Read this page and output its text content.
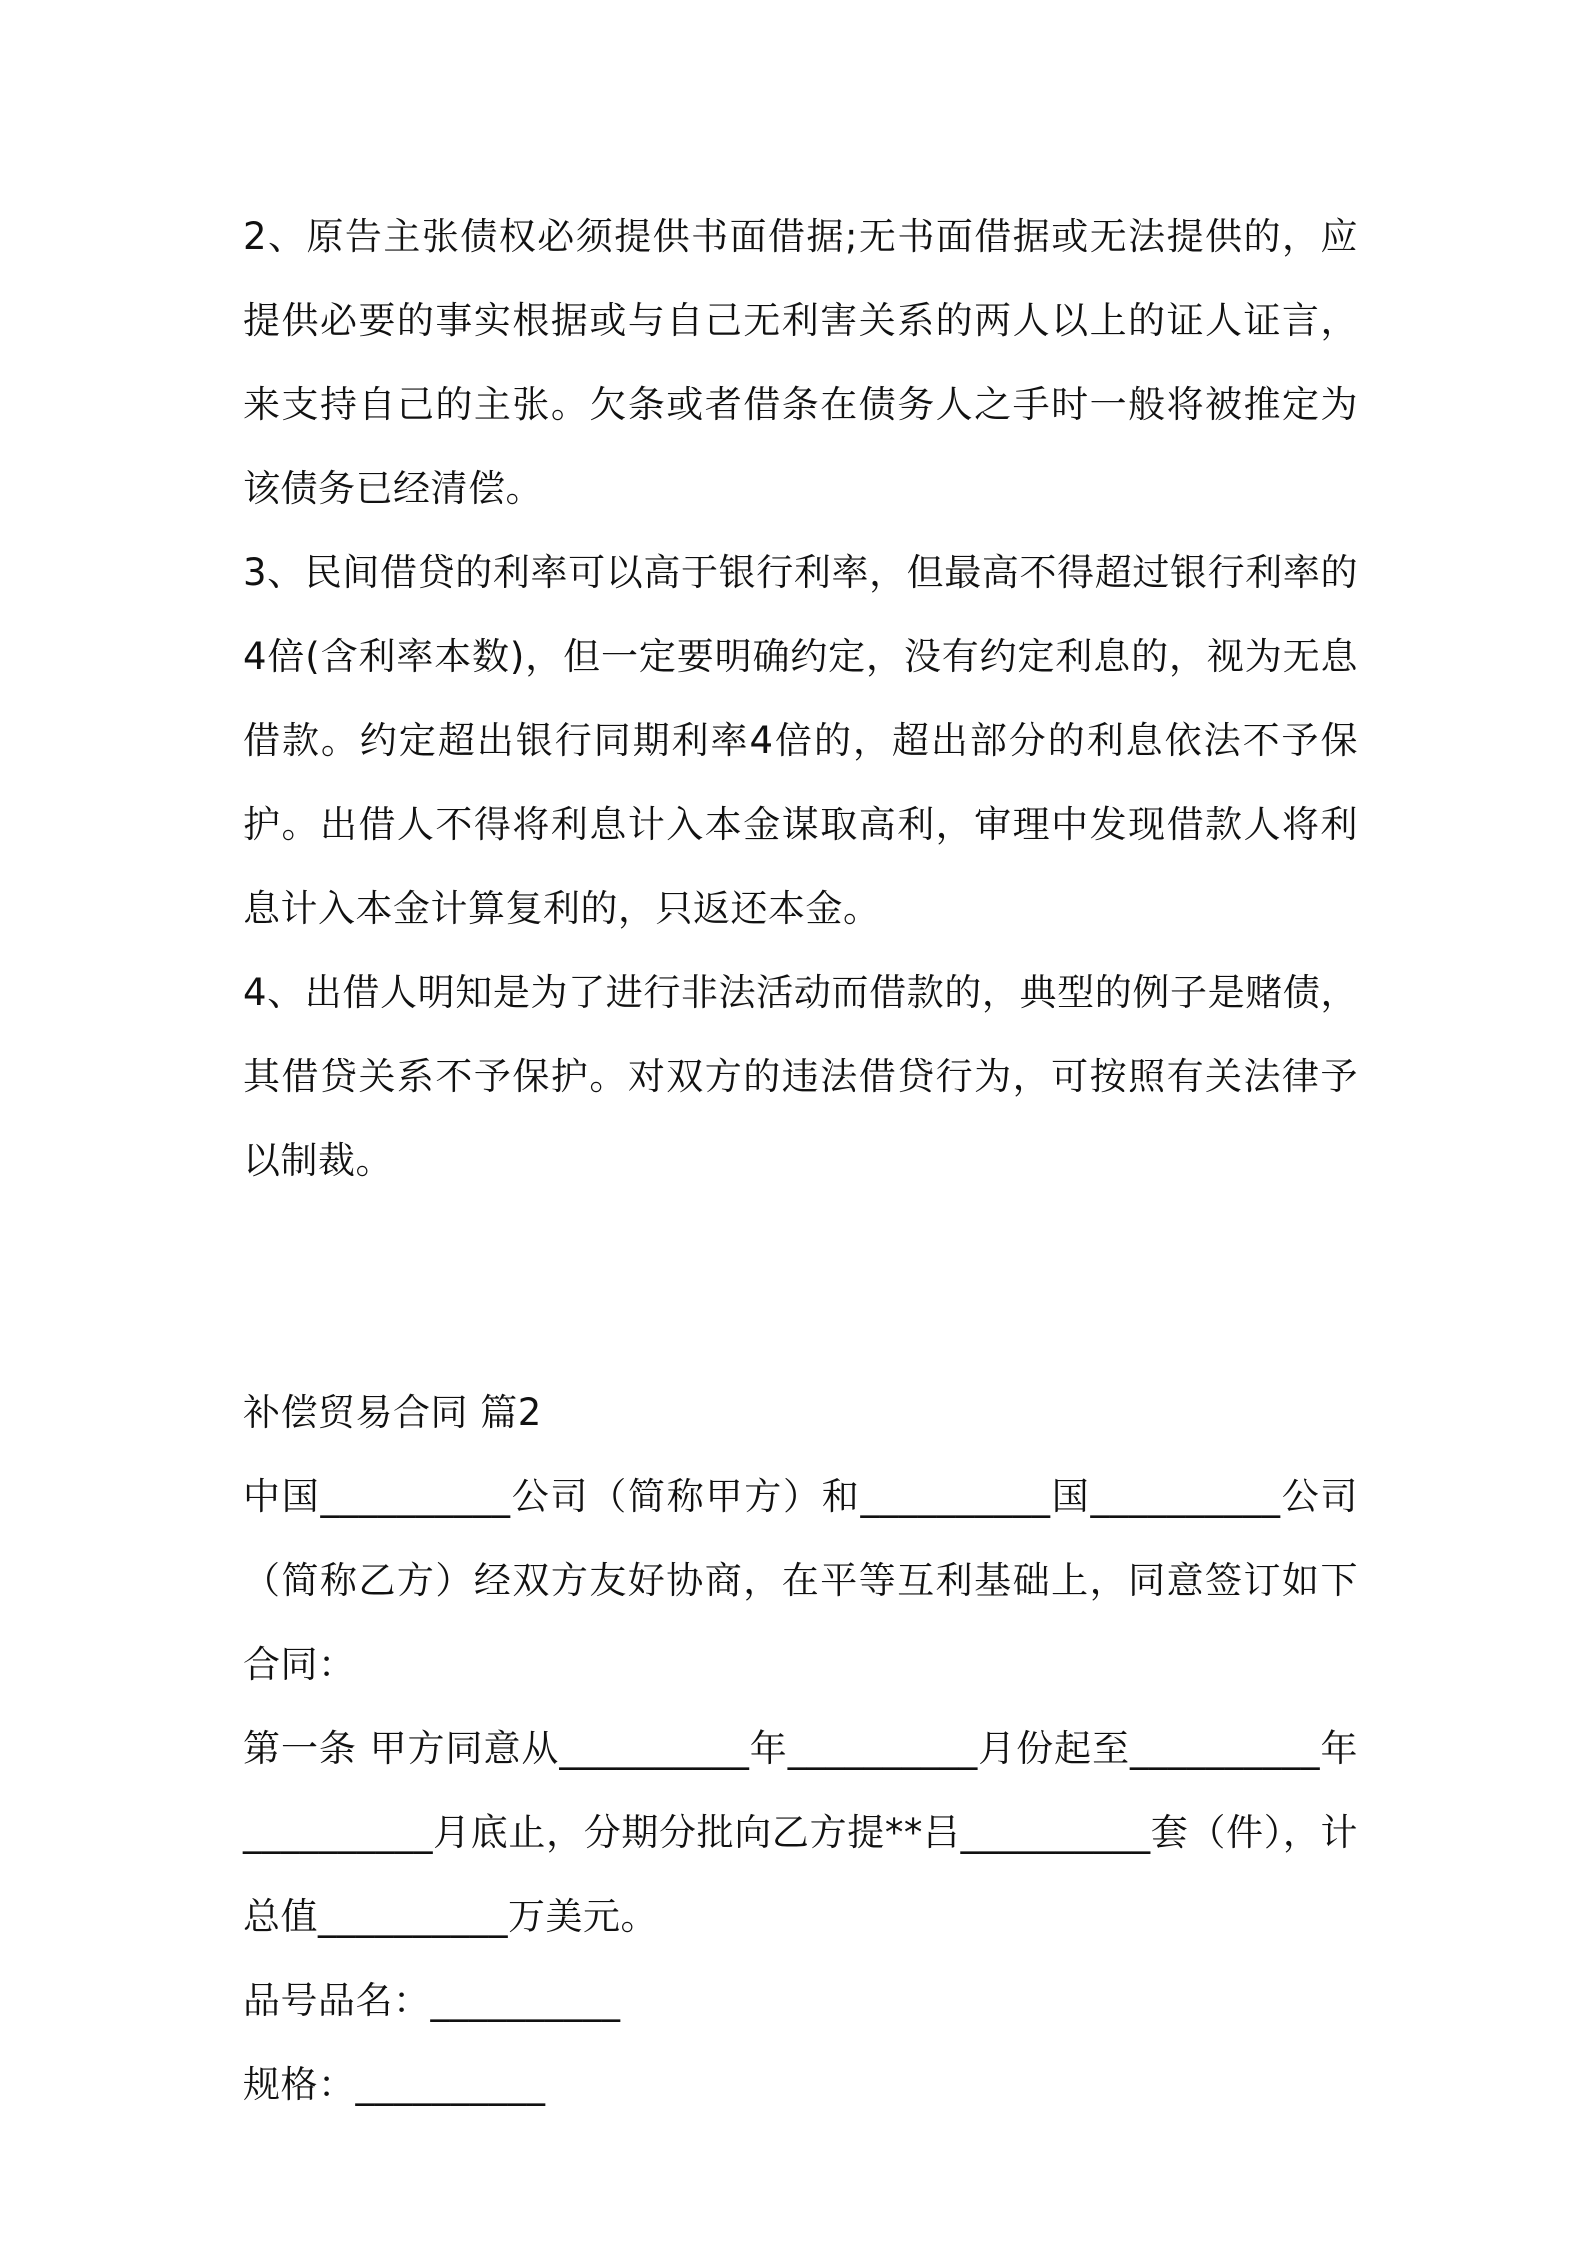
2、原告主张债权必须提供书面借据;无书面借据或无法提供的，应提供必要的事实根据或与自己无利害关系的两人以上的证人证言，来支持自己的主张。欠条或者借条在债务人之手时一般将被推定为该债务已经清偿。

3、民间借贷的利率可以高于银行利率，但最高不得超过银行利率的4倍(含利率本数)，但一定要明确约定，没有约定利息的，视为无息借款。约定超出银行同期利率4倍的，超出部分的利息依法不予保护。出借人不得将利息计入本金谋取高利，审理中发现借款人将利息计入本金计算复利的，只返还本金。

4、出借人明知是为了进行非法活动而借款的，典型的例子是赌债，其借贷关系不予保护。对双方的违法借贷行为，可按照有关法律予以制裁。

补偿贸易合同 篇2

中国__________公司（简称甲方）和__________国__________公司（简称乙方）经双方友好协商，在平等互利基础上，同意签订如下合同：

第一条 甲方同意从__________年__________月份起至__________年__________月底止，分期分批向乙方提**吕__________套（件），计总值__________万美元。

品号品名：__________

规格：__________
